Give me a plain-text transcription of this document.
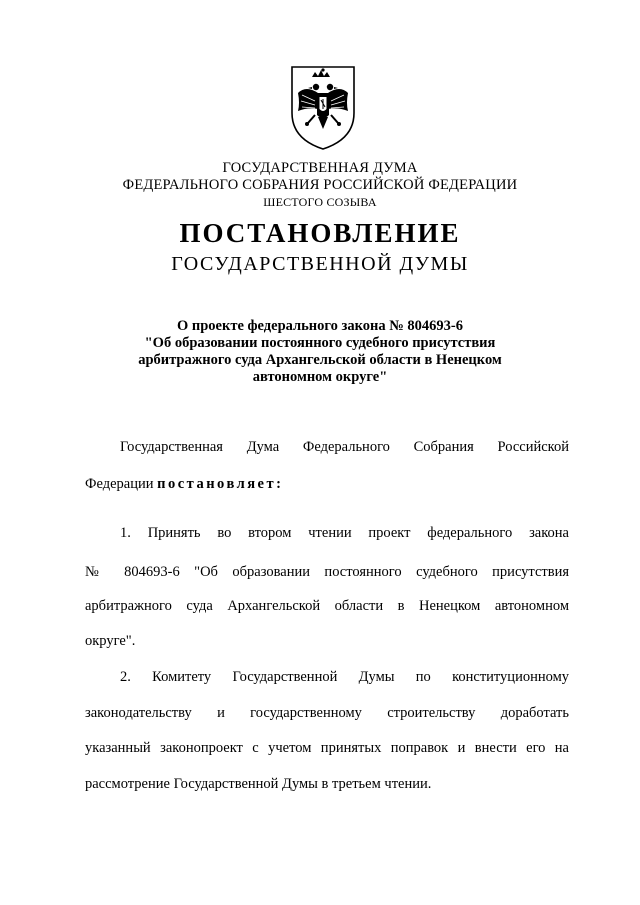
ГОСУДАРСТВЕННАЯ ДУМА
ФЕДЕРАЛЬНОГО СОБРАНИЯ РОССИЙСКОЙ ФЕДЕРАЦИИ
ШЕСТОГО СОЗЫВА
ПОСТАНОВЛЕНИЕ
ГОСУДАРСТВЕННОЙ ДУМЫ
О проекте федерального закона № 804693-6
"Об образовании постоянного судебного присутствия
арбитражного суда Архангельской области в Ненецком
автономном округе"
Государственная Дума Федерального Собрания Российской
Федерации постановляет:
1. Принять во втором чтении проект федерального закона
№ 804693-6 "Об образовании постоянного судебного присутствия
арбитражного суда Архангельской области в Ненецком автономном
округе".
2. Комитету Государственной Думы по конституционному
законодательству и государственному строительству доработать
указанный законопроект с учетом принятых поправок и внести его на
рассмотрение Государственной Думы в третьем чтении.
